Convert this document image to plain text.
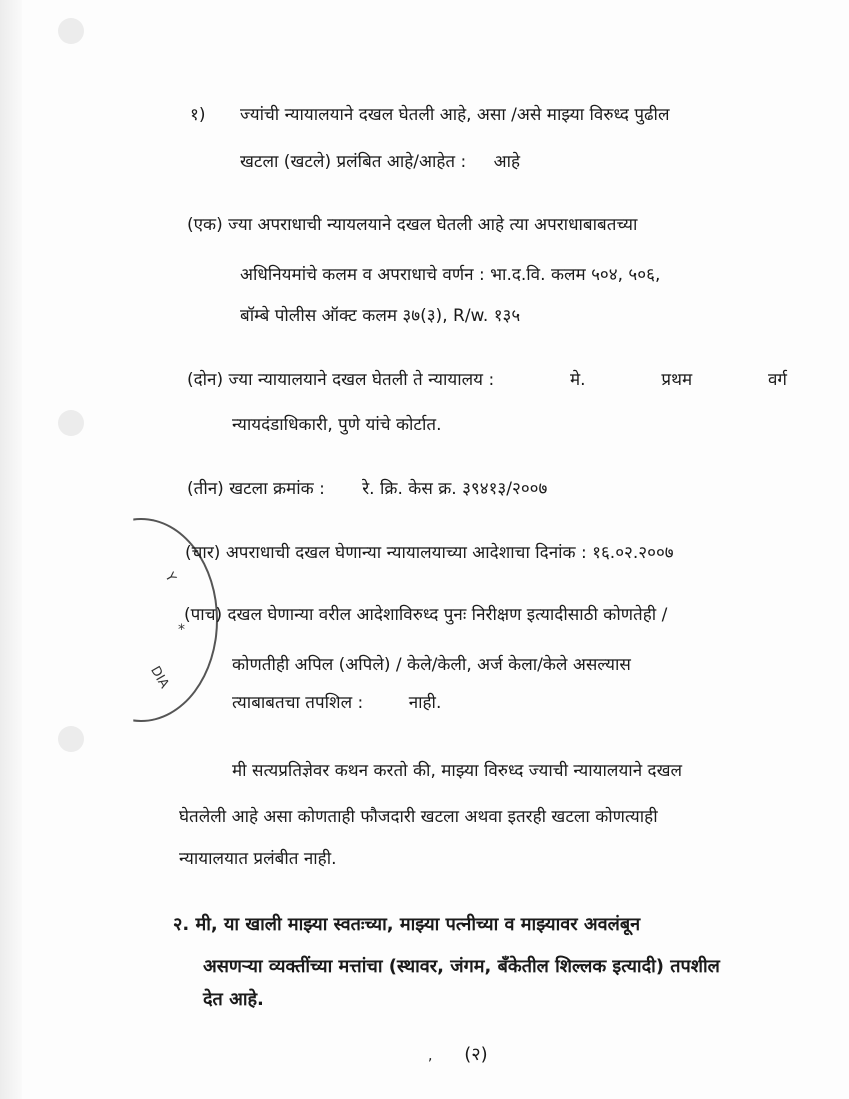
*
Y
DIA
१) ज्यांची न्यायालयाने दखल घेतली आहे, असा /असे माझ्या विरुध्द पुढील
खटला (खटले) प्रलंबित आहे/आहेत : आहे
(एक) ज्या अपराधाची न्यायलयाने दखल घेतली आहे त्या अपराधाबाबतच्या
अधिनियमांचे कलम व अपराधाचे वर्णन : भा.द.वि. कलम ५०४, ५०६,
बॉम्बे पोलीस ऑक्ट कलम ३७(३), R/w. १३५
(दोन) ज्या न्यायालयाने दखल घेतली ते न्यायालय :	मे.	प्रथम	वर्ग
न्यायदंडाधिकारी, पुणे यांचे कोर्टात.
(तीन) खटला क्रमांक : रे. क्रि. केस क्र. ३९४१३/२००७
(चार) अपराधाची दखल घेणान्या न्यायालयाच्या आदेशाचा दिनांक : १६.०२.२००७
(पाच) दखल घेणान्या वरील आदेशाविरुध्द पुनः निरीक्षण इत्यादीसाठी कोणतेही /
कोणतीही अपिल (अपिले) / केले/केली, अर्ज केला/केले असल्यास
त्याबाबतचा तपशिल :	नाही.
मी सत्यप्रतिज्ञेवर कथन करतो की, माझ्या विरुध्द ज्याची न्यायालयाने दखल
घेतलेली आहे असा कोणताही फौजदारी खटला अथवा इतरही खटला कोणत्याही
न्यायालयात प्रलंबीत नाही.
२. मी, या खाली माझ्या स्वतःच्या, माझ्या पत्नीच्या व माझ्यावर अवलंबून
असणऱ्या व्यक्तींच्या मत्तांचा (स्थावर, जंगम, बँकेतील शिल्लक इत्यादी) तपशील
देत आहे.
, (२)
